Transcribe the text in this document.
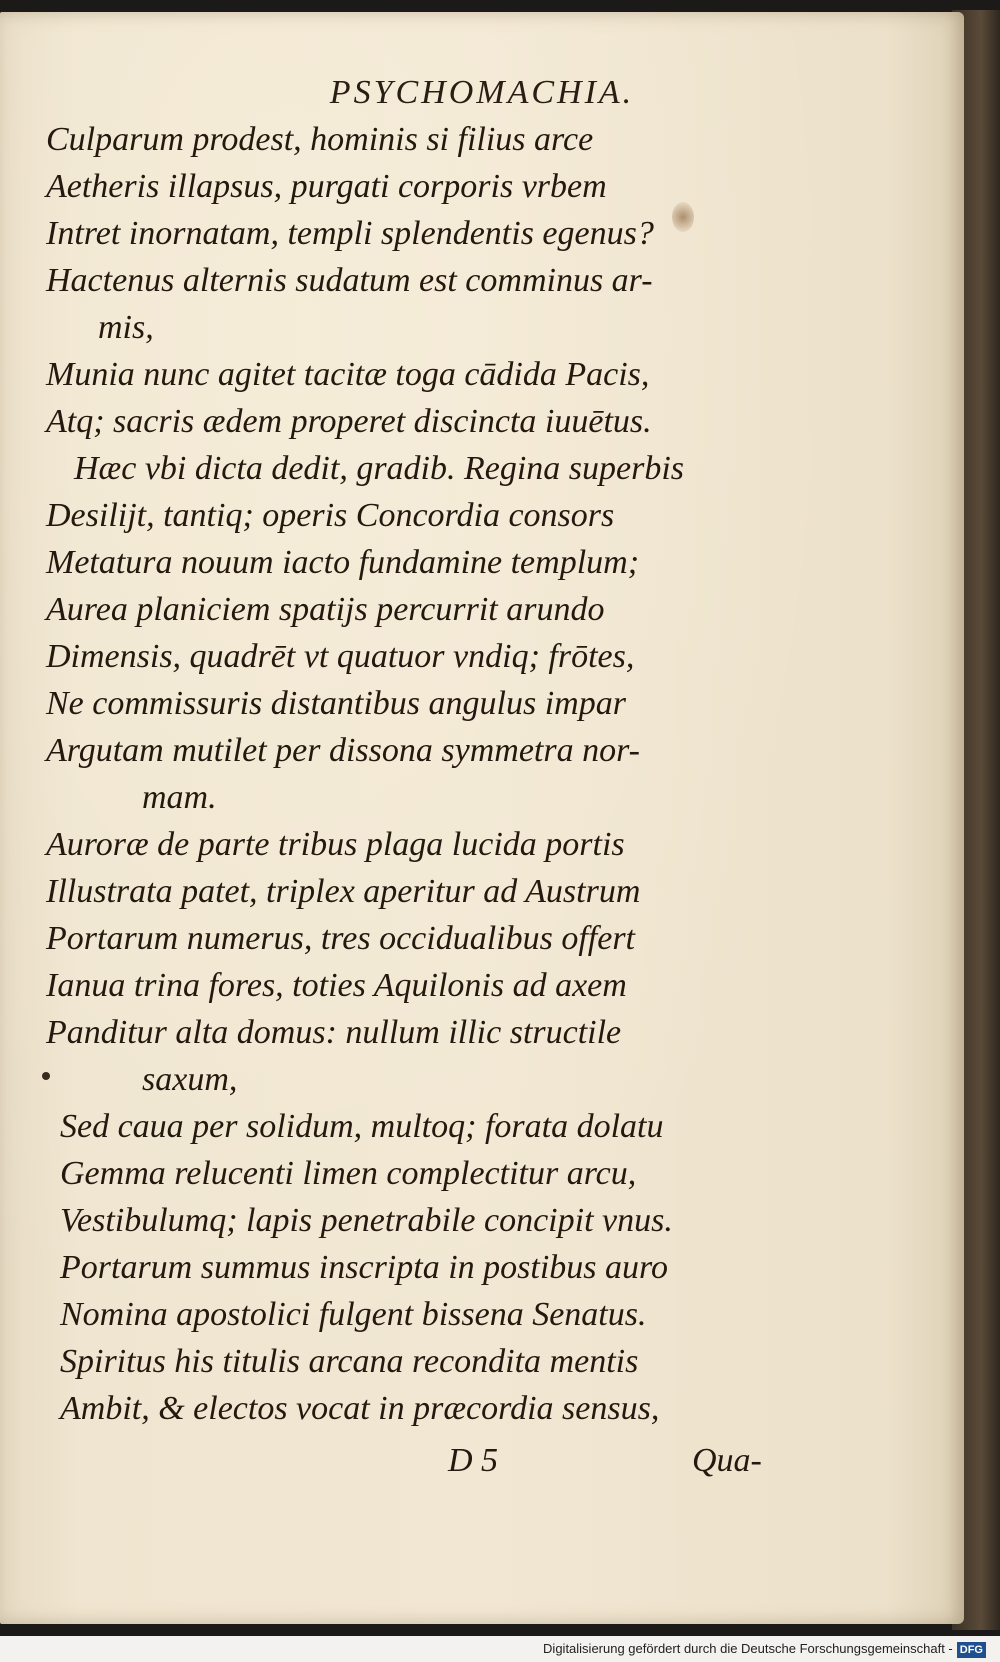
PSYCHOMACHIA.
Culparum prodest, hominis si filius arce
Aetheris illapsus, purgati corporis vrbem
Intret inornatam, templi splendentis egenus?
Hactenus alternis sudatum est comminus ar-
mis,
Munia nunc agitet tacitæ toga cādida Pacis,
Atq; sacris ædem properet discincta iuuētus.
Hæc vbi dicta dedit, gradib. Regina superbis
Desilijt, tantiq; operis Concordia consors
Metatura nouum iacto fundamine templum;
Aurea planiciem spatijs percurrit arundo
Dimensis, quadrēt vt quatuor vndiq; frōtes,
Ne commissuris distantibus angulus impar
Argutam mutilet per dissona symmetra nor-
mam.
Auroræ de parte tribus plaga lucida portis
Illustrata patet, triplex aperitur ad Austrum
Portarum numerus, tres occidualibus offert
Ianua trina fores, toties Aquilonis ad axem
Panditur alta domus: nullum illic structile
saxum,
Sed caua per solidum, multoq; forata dolatu
Gemma relucenti limen complectitur arcu,
Vestibulumq; lapis penetrabile concipit vnus.
Portarum summus inscripta in postibus auro
Nomina apostolici fulgent bissena Senatus.
Spiritus his titulis arcana recondita mentis
Ambit, & electos vocat in præcordia sensus,
D 5	Qua-
Digitalisierung gefördert durch die Deutsche Forschungsgemeinschaft - DFG
